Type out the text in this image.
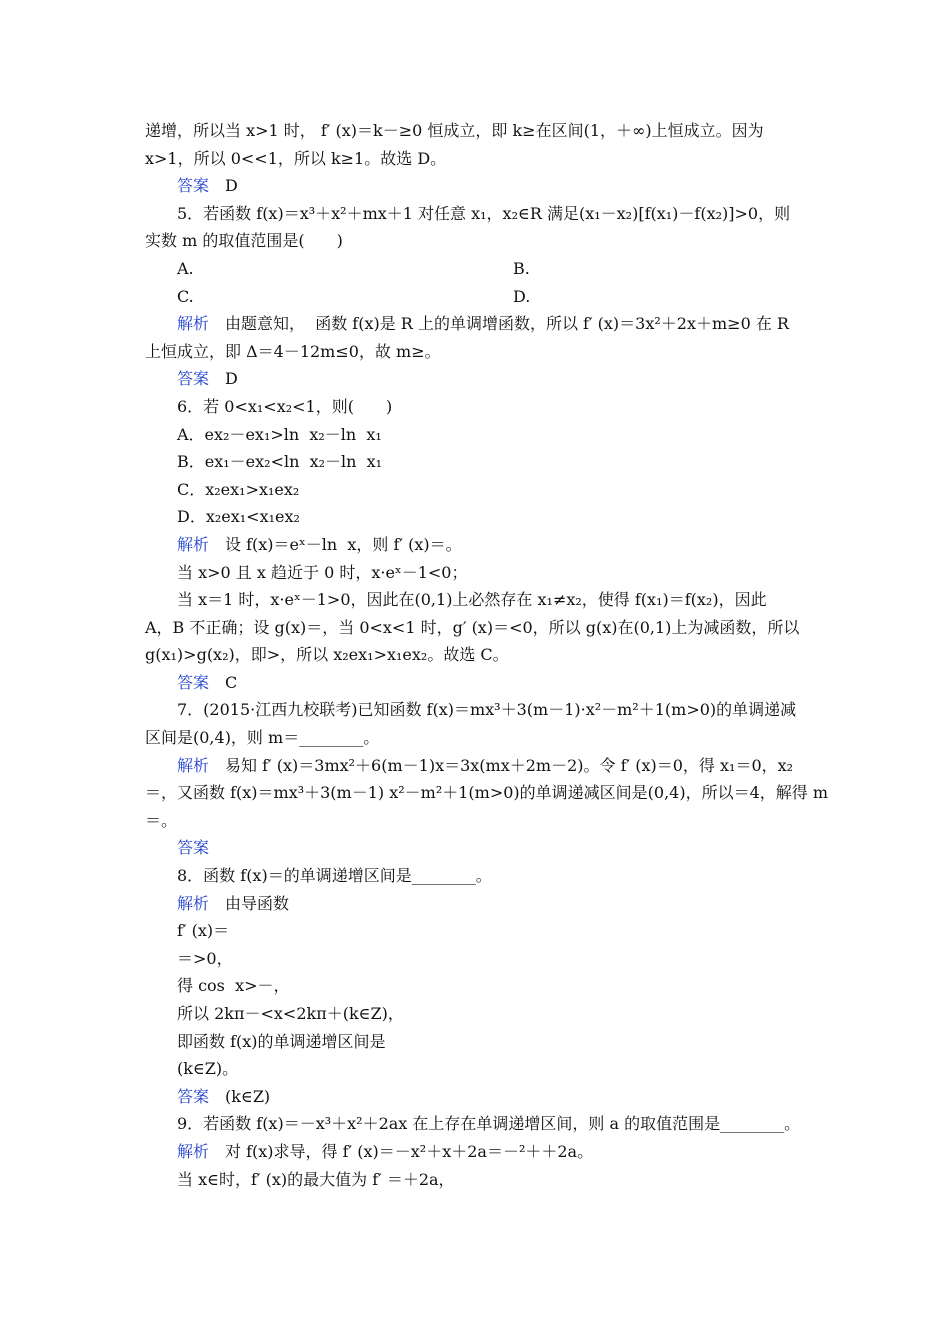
递增，所以当 x>1 时， f′ (x)＝k－≥0 恒成立，即 k≥在区间(1，＋∞)上恒成立。因为
x>1，所以 0<<1，所以 k≥1。故选 D。
答案　 D
5．若函数 f(x)＝x³＋x²＋mx＋1 对任意 x₁，x₂∈R 满足(x₁－x₂)[f(x₁)－f(x₂)]>0，则
实数 m 的取值范围是(　　)
A.	B.
C.	D.
解析　 由题意知，  函数 f(x)是 R 上的单调增函数，所以 f′ (x)＝3x²＋2x＋m≥0 在 R
上恒成立，即 Δ＝4－12m≤0，故 m≥。
答案　 D
6．若 0<x₁<x₂<1，则(　　)
A．ex₂－ex₁>ln  x₂－ln  x₁
B．ex₁－ex₂<ln  x₂－ln  x₁
C．x₂ex₁>x₁ex₂
D．x₂ex₁<x₁ex₂
解析　 设 f(x)＝eˣ－ln  x，则 f′ (x)＝。
当 x>0 且 x 趋近于 0 时，x·eˣ－1<0；
当 x＝1 时，x·eˣ－1>0，因此在(0,1)上必然存在 x₁≠x₂，使得 f(x₁)＝f(x₂)，因此
A，B 不正确；设 g(x)＝，当 0<x<1 时，g′ (x)＝<0，所以 g(x)在(0,1)上为减函数，所以
g(x₁)>g(x₂)，即>，所以 x₂ex₁>x₁ex₂。故选 C。
答案　 C
7．(2015·江西九校联考)已知函数 f(x)＝mx³＋3(m－1)·x²－m²＋1(m>0)的单调递减
区间是(0,4)，则 m＝________。
解析　 易知 f′ (x)＝3mx²＋6(m－1)x＝3x(mx＋2m－2)。令 f′ (x)＝0，得 x₁＝0，x₂
＝，又函数 f(x)＝mx³＋3(m－1) x²－m²＋1(m>0)的单调递减区间是(0,4)，所以＝4，解得 m
＝。
答案
8．函数 f(x)＝的单调递增区间是________。
解析　 由导函数
f′ (x)＝
＝>0，
得 cos  x>－，
所以 2kπ－<x<2kπ＋(k∈Z)，
即函数 f(x)的单调递增区间是
(k∈Z)。
答案　 (k∈Z)
9．若函数 f(x)＝－x³＋x²＋2ax 在上存在单调递增区间，则 a 的取值范围是________。
解析　 对 f(x)求导，得 f′ (x)＝－x²＋x＋2a＝－²＋＋2a。
当 x∈时，f′ (x)的最大值为 f′ ＝＋2a，
